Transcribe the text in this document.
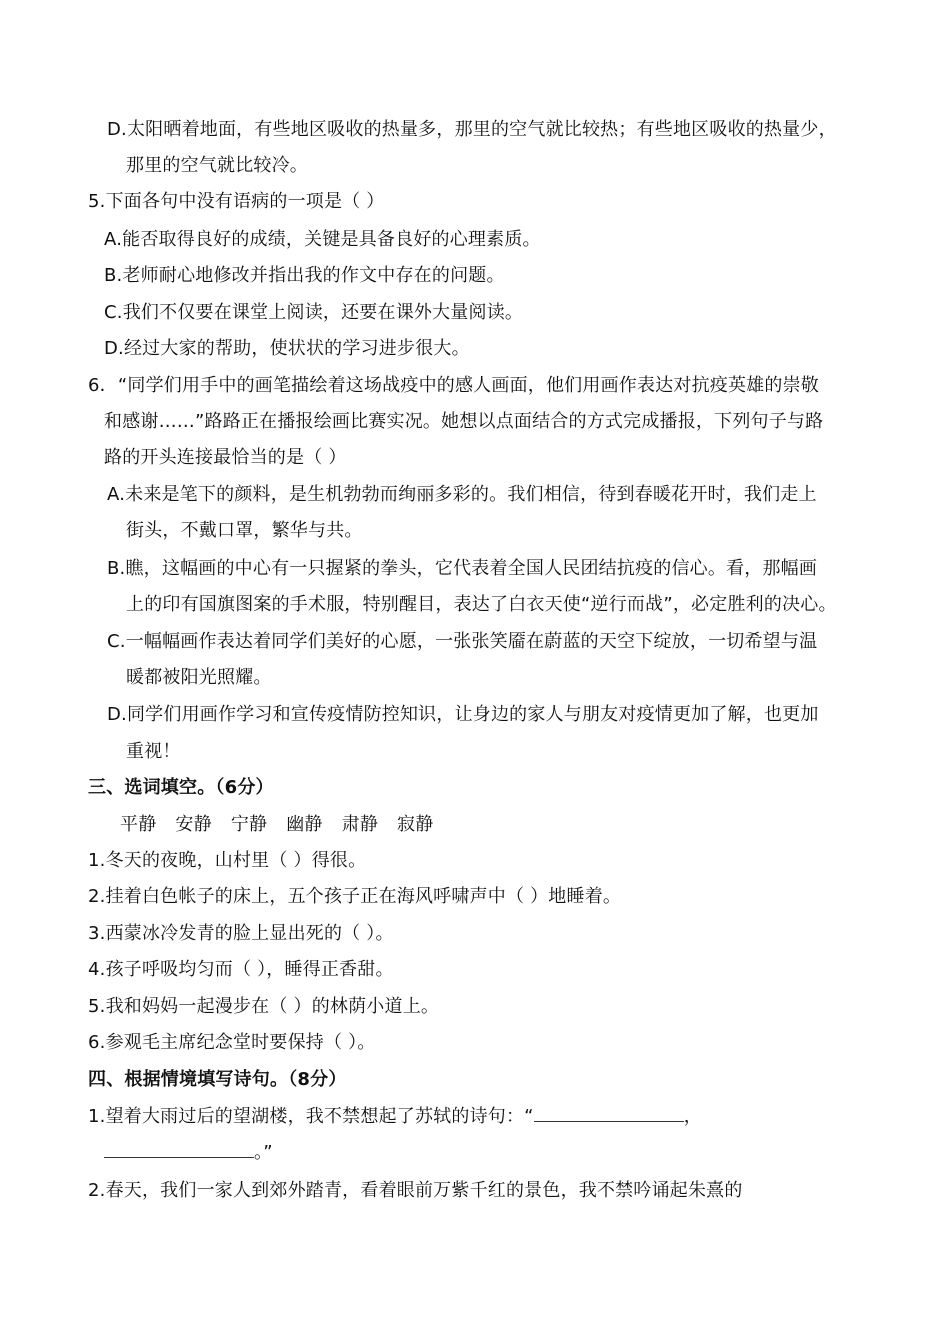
D.太阳晒着地面，有些地区吸收的热量多，那里的空气就比较热；有些地区吸收的热量少，
那里的空气就比较冷。
5.下面各句中没有语病的一项是（ ）
A.能否取得良好的成绩，关键是具备良好的心理素质。
B.老师耐心地修改并指出我的作文中存在的问题。
C.我们不仅要在课堂上阅读，还要在课外大量阅读。
D.经过大家的帮助，使状状的学习进步很大。
6．“同学们用手中的画笔描绘着这场战疫中的感人画面，他们用画作表达对抗疫英雄的崇敬
和感谢……”路路正在播报绘画比赛实况。她想以点面结合的方式完成播报，下列句子与路
路的开头连接最恰当的是（ ）
A.未来是笔下的颜料，是生机勃勃而绚丽多彩的。我们相信，待到春暖花开时，我们走上
街头，不戴口罩，繁华与共。
B.瞧，这幅画的中心有一只握紧的拳头，它代表着全国人民团结抗疫的信心。看，那幅画
上的印有国旗图案的手术服，特别醒目，表达了白衣天使“逆行而战”，必定胜利的决心。
C.一幅幅画作表达着同学们美好的心愿，一张张笑靥在蔚蓝的天空下绽放，一切希望与温
暖都被阳光照耀。
D.同学们用画作学习和宣传疫情防控知识，让身边的家人与朋友对疫情更加了解，也更加
重视！
三、选词填空。（6分）
平静 安静 宁静 幽静 肃静 寂静
1.冬天的夜晚，山村里（ ）得很。
2.挂着白色帐子的床上，五个孩子正在海风呼啸声中（ ）地睡着。
3.西蒙冰冷发青的脸上显出死的（ ）。
4.孩子呼吸均匀而（ ），睡得正香甜。
5.我和妈妈一起漫步在（ ）的林荫小道上。
6.参观毛主席纪念堂时要保持（ ）。
四、根据情境填写诗句。（8分）
1.望着大雨过后的望湖楼，我不禁想起了苏轼的诗句：“	，
。”
2.春天，我们一家人到郊外踏青，看着眼前万紫千红的景色，我不禁吟诵起朱熹的
